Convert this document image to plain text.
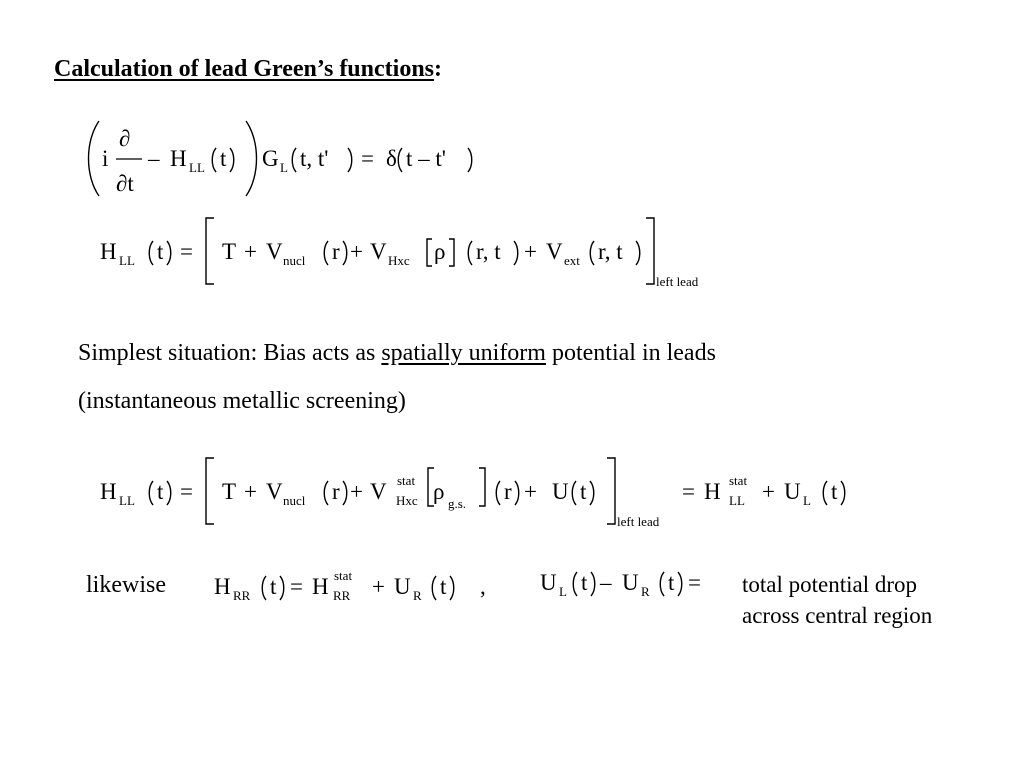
Calculation of lead Green’s functions:
i
∂
∂t
– H LL t G L t, t' = δ t – t'
H LL t = T + V nucl r + V Hxc ρ r, t + V ext r, t
left lead
Simplest situation: Bias acts as spatially uniform potential in leads
(instantaneous metallic screening)
H LL t = T + V nucl r + V stat
Hxc ρ g.s. r + U t
left lead
= H stat
LL + U L t
likewise H RR t = H stat
RR + U R t , U L t – U R t = total potential drop
across central region
